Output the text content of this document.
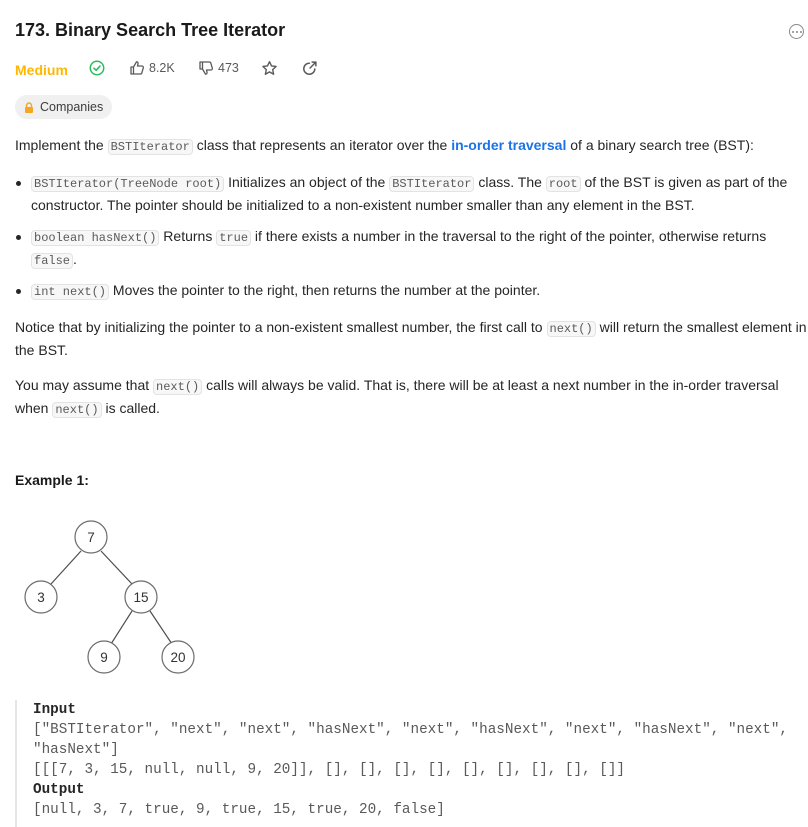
173. Binary Search Tree Iterator
Medium	8.2K	473
Companies

Implement the BSTIterator class that represents an iterator over the in-order traversal of a binary search tree (BST):

BSTIterator(TreeNode root) Initializes an object of the BSTIterator class. The root of the BST is given as part of the constructor. The pointer should be initialized to a non-existent number smaller than any element in the BST.

boolean hasNext() Returns true if there exists a number in the traversal to the right of the pointer, otherwise returns false .

int next() Moves the pointer to the right, then returns the number at the pointer.

Notice that by initializing the pointer to a non-existent smallest number, the first call to next() will return the smallest element in the BST.

You may assume that next() calls will always be valid. That is, there will be at least a next number in the in-order traversal when next() is called.

Example 1:

7
3	15
9	20

Input

["BSTIterator", "next", "next", "hasNext", "next", "hasNext", "next", "hasNext", "next",

"hasNext"]

[[[7, 3, 15, null, null, 9, 20]], [], [], [], [], [], [], [], [], []]

Output

[null, 3, 7, true, 9, true, 15, true, 20, false]
